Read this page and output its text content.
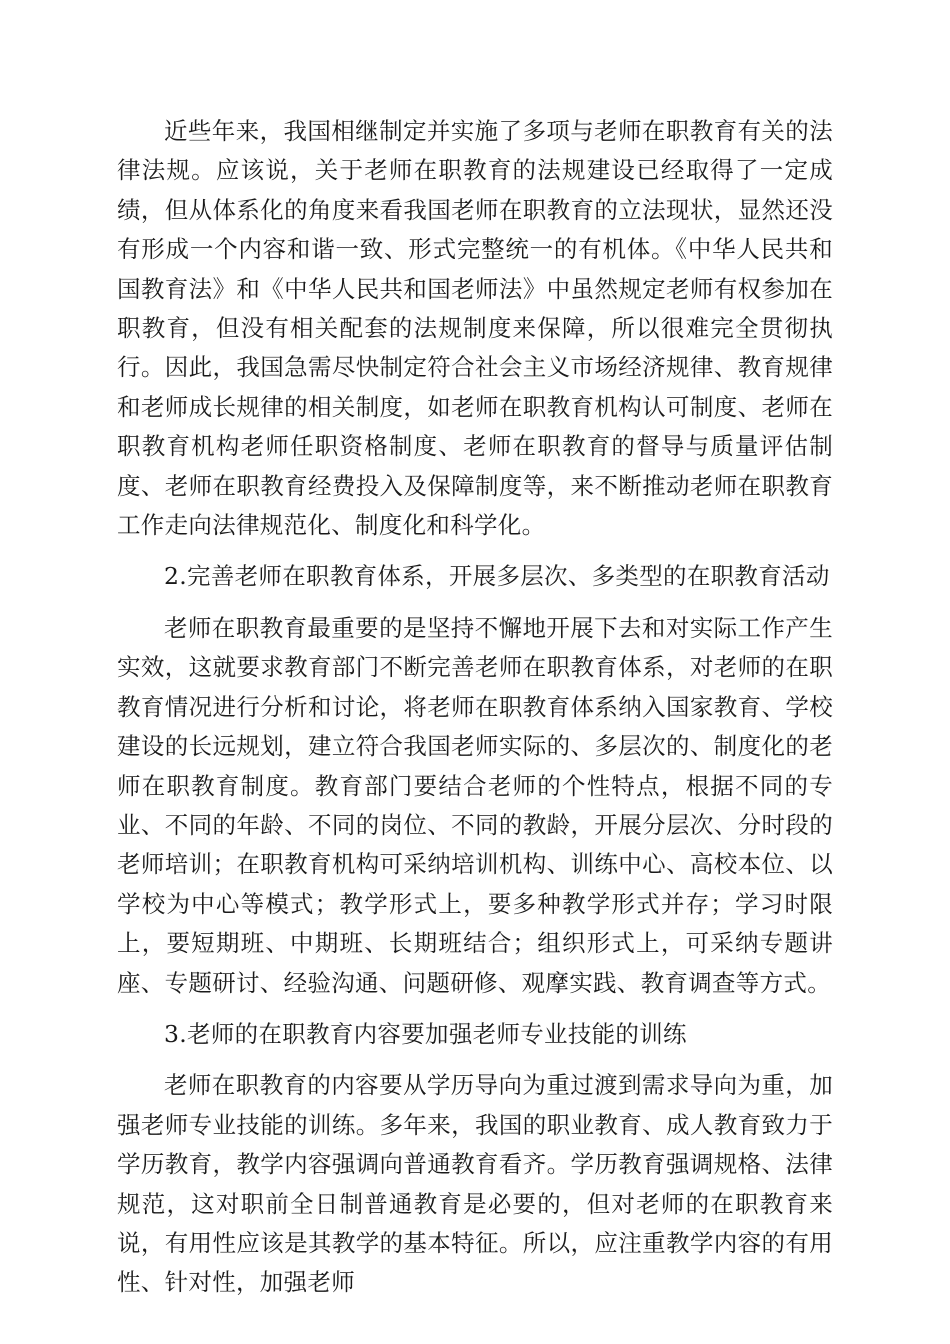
近些年来，我国相继制定并实施了多项与老师在职教育有关的法律法规。应该说，关于老师在职教育的法规建设已经取得了一定成绩，但从体系化的角度来看我国老师在职教育的立法现状，显然还没有形成一个内容和谐一致、形式完整统一的有机体。《中华人民共和国教育法》和《中华人民共和国老师法》中虽然规定老师有权参加在职教育，但没有相关配套的法规制度来保障，所以很难完全贯彻执行。因此，我国急需尽快制定符合社会主义市场经济规律、教育规律和老师成长规律的相关制度，如老师在职教育机构认可制度、老师在职教育机构老师任职资格制度、老师在职教育的督导与质量评估制度、老师在职教育经费投入及保障制度等，来不断推动老师在职教育工作走向法律规范化、制度化和科学化。

2.完善老师在职教育体系，开展多层次、多类型的在职教育活动

老师在职教育最重要的是坚持不懈地开展下去和对实际工作产生实效，这就要求教育部门不断完善老师在职教育体系，对老师的在职教育情况进行分析和讨论，将老师在职教育体系纳入国家教育、学校建设的长远规划，建立符合我国老师实际的、多层次的、制度化的老师在职教育制度。教育部门要结合老师的个性特点，根据不同的专业、不同的年龄、不同的岗位、不同的教龄，开展分层次、分时段的老师培训；在职教育机构可采纳培训机构、训练中心、高校本位、以学校为中心等模式；教学形式上，要多种教学形式并存；学习时限上，要短期班、中期班、长期班结合；组织形式上，可采纳专题讲座、专题研讨、经验沟通、问题研修、观摩实践、教育调查等方式。

3.老师的在职教育内容要加强老师专业技能的训练

老师在职教育的内容要从学历导向为重过渡到需求导向为重，加强老师专业技能的训练。多年来，我国的职业教育、成人教育致力于学历教育，教学内容强调向普通教育看齐。学历教育强调规格、法律规范，这对职前全日制普通教育是必要的，但对老师的在职教育来说，有用性应该是其教学的基本特征。所以，应注重教学内容的有用性、针对性，加强老师
